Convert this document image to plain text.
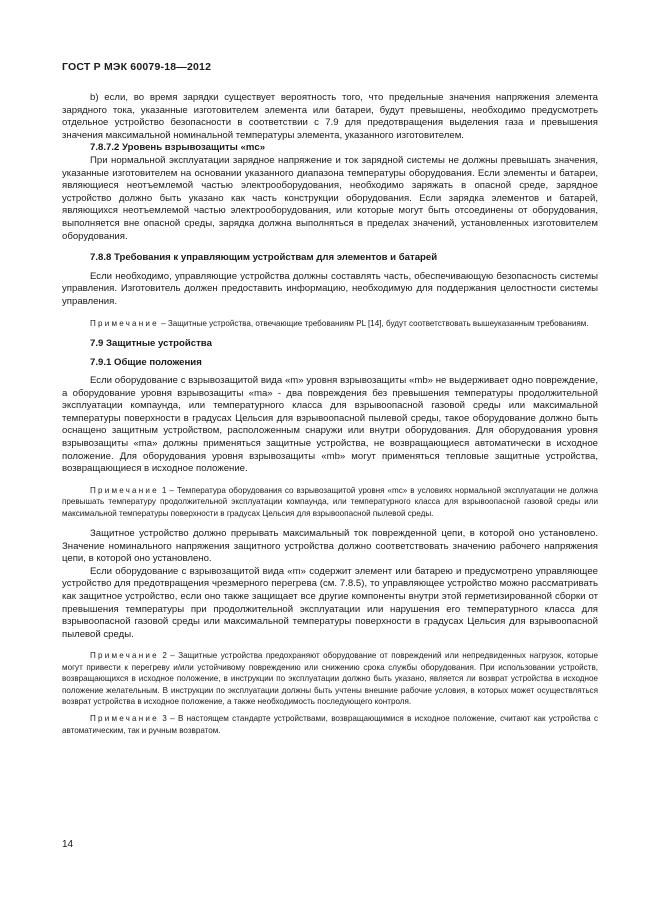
ГОСТ Р МЭК 60079-18—2012

b) если, во время зарядки существует вероятность того, что предельные значения напряжения элемента зарядного тока, указанные изготовителем элемента или батареи, будут превышены, необходимо предусмотреть отдельное устройство безопасности в соответствии с 7.9 для предотвращения выделения газа и превышения значения максимальной номинальной температуры элемента, указанного изготовителем.

7.8.7.2 Уровень взрывозащиты «mc»

При нормальной эксплуатации зарядное напряжение и ток зарядной системы не должны превышать значения, указанные изготовителем на основании указанного диапазона температуры оборудования. Если элементы и батареи, являющиеся неотъемлемой частью электрооборудования, необходимо заряжать в опасной среде, зарядное устройство должно быть указано как часть конструкции оборудования. Если зарядка элементов и батарей, являющихся неотъемлемой частью электрооборудования, или которые могут быть отсоединены от оборудования, выполняется вне опасной среды, зарядка должна выполняться в пределах значений, установленных изготовителем оборудования.

7.8.8 Требования к управляющим устройствам для элементов и батарей

Если необходимо, управляющие устройства должны составлять часть, обеспечивающую безопасность системы управления. Изготовитель должен предоставить информацию, необходимую для поддержания целостности системы управления.

Примечание – Защитные устройства, отвечающие требованиям PL [14], будут соответствовать вышеуказанным требованиям.

7.9 Защитные устройства

7.9.1 Общие положения

Если оборудование с взрывозащитой вида «m» уровня взрывозащиты «mb» не выдерживает одно повреждение, а оборудование уровня взрывозащиты «ma» - два повреждения без превышения температуры продолжительной эксплуатации компаунда, или температурного класса для взрывоопасной газовой среды или максимальной температуры поверхности в градусах Цельсия для взрывоопасной пылевой среды, такое оборудование должно быть оснащено защитным устройством, расположенным снаружи или внутри оборудования. Для оборудования уровня взрывозащиты «ma» должны применяться защитные устройства, не возвращающиеся автоматически в исходное положение. Для оборудования уровня взрывозащиты «mb» могут применяться тепловые защитные устройства, возвращающиеся в исходное положение.

Примечание 1 – Температура оборудования со взрывозащитой уровня «mc» в условиях нормальной эксплуатации не должна превышать температуру продолжительной эксплуатации компаунда, или температурного класса для взрывоопасной газовой среды или максимальной температуры поверхности в градусах Цельсия для взрывоопасной пылевой среды.

Защитное устройство должно прерывать максимальный ток поврежденной цепи, в которой оно установлено. Значение номинального напряжения защитного устройства должно соответствовать значению рабочего напряжения цепи, в которой оно установлено.

Если оборудование с взрывозащитой вида «m» содержит элемент или батарею и предусмотрено управляющее устройство для предотвращения чрезмерного перегрева (см. 7.8.5), то управляющее устройство можно рассматривать как защитное устройство, если оно также защищает все другие компоненты внутри этой герметизированной сборки от превышения температуры при продолжительной эксплуатации или нарушения его температурного класса для взрывоопасной газовой среды или максимальной температуры поверхности в градусах Цельсия для взрывоопасной пылевой среды.

Примечание 2 – Защитные устройства предохраняют оборудование от повреждений или непредвиденных нагрузок, которые могут привести к перегреву и/или устойчивому повреждению или снижению срока службы оборудования. При использовании устройств, возвращающихся в исходное положение, в инструкции по эксплуатации должно быть указано, является ли возврат устройства в исходное положение желательным. В инструкции по эксплуатации должны быть учтены внешние рабочие условия, в которых может осуществляться возврат устройства в исходное положение, а также необходимость последующего контроля.

Примечание 3 – В настоящем стандарте устройствами, возвращающимися в исходное положение, считают как устройства с автоматическим, так и ручным возвратом.

14
